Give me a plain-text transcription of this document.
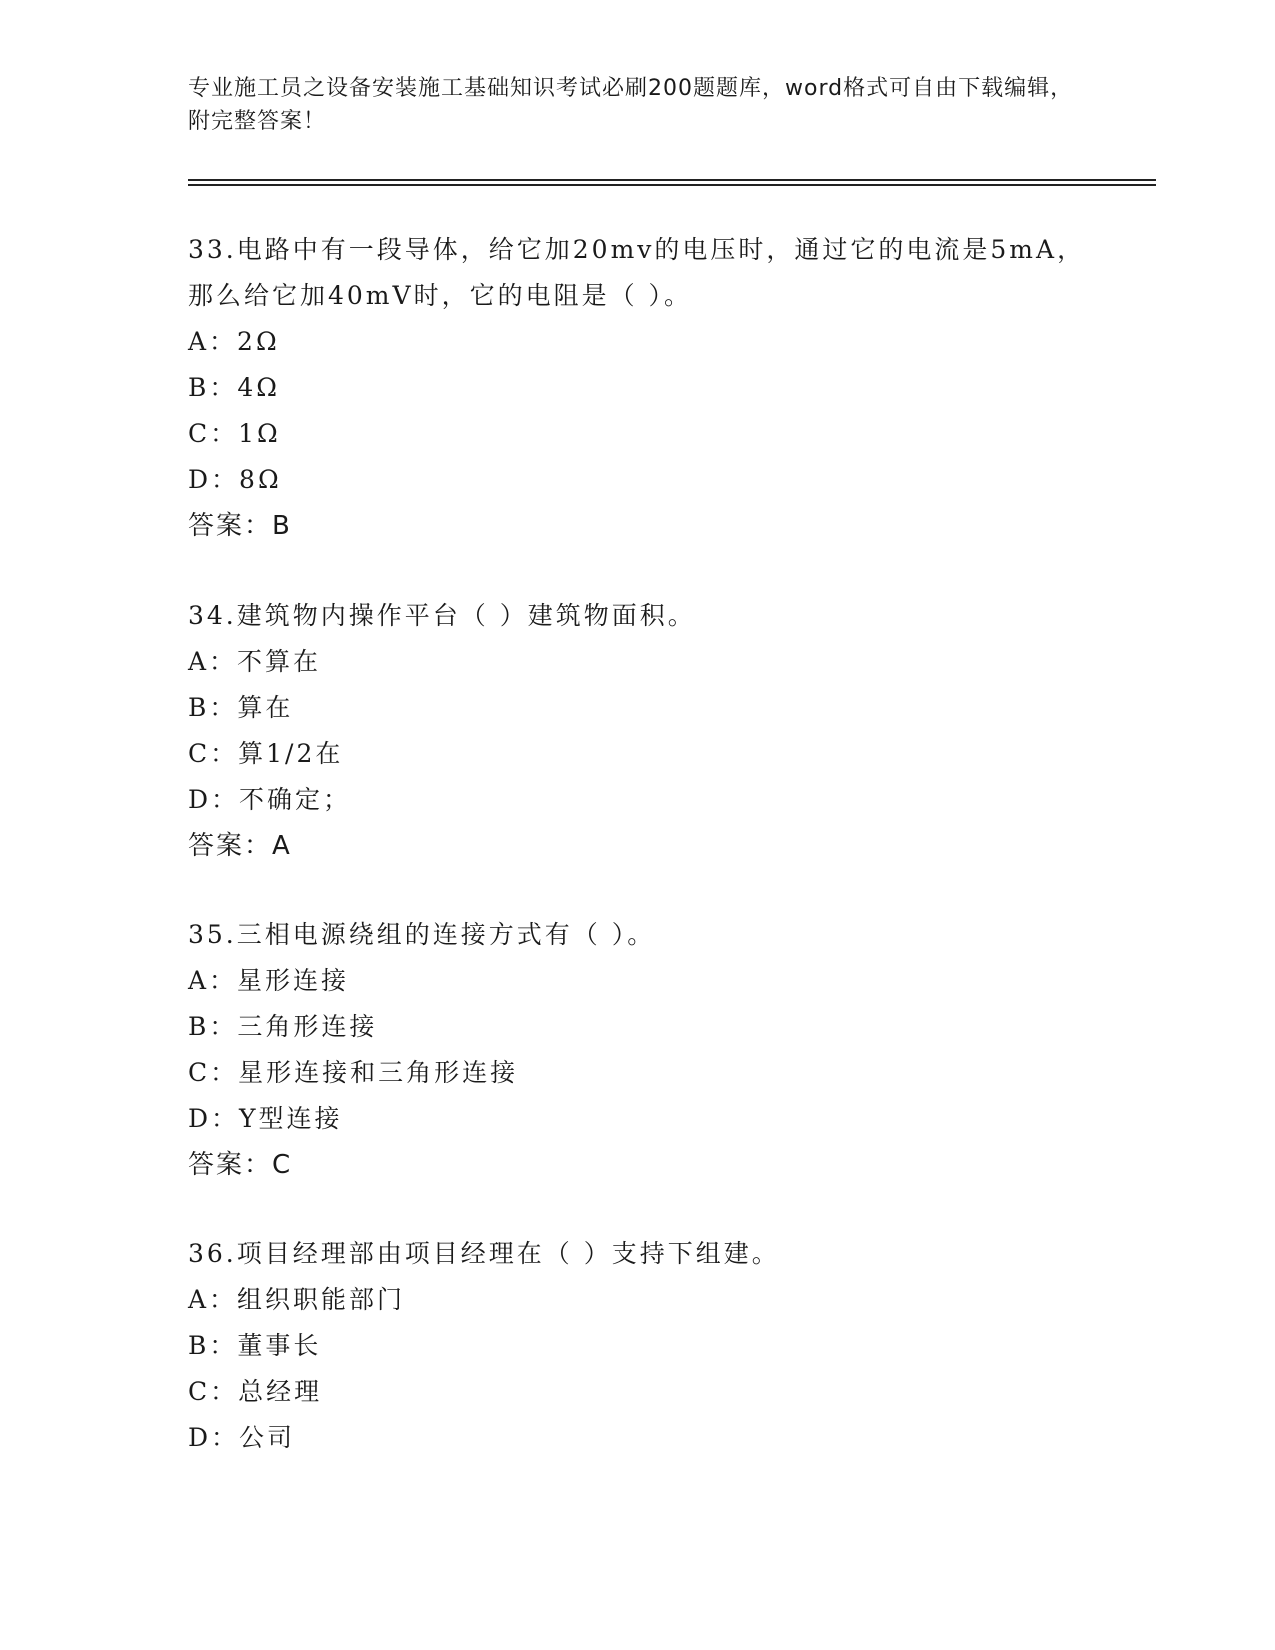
专业施工员之设备安装施工基础知识考试必刷200题题库，word格式可自由下载编辑，附完整答案！

33.电路中有一段导体，给它加20mv的电压时，通过它的电流是5mA，那么给它加40mV时，它的电阻是（ ）。

A：2Ω

B：4Ω

C：1Ω

D：8Ω

答案：B

34.建筑物内操作平台（ ）建筑物面积。

A：不算在

B：算在

C：算1/2在

D：不确定；

答案：A

35.三相电源绕组的连接方式有（ ）。

A：星形连接

B：三角形连接

C：星形连接和三角形连接

D：Y型连接

答案：C

36.项目经理部由项目经理在（ ）支持下组建。

A：组织职能部门

B：董事长

C：总经理

D：公司
